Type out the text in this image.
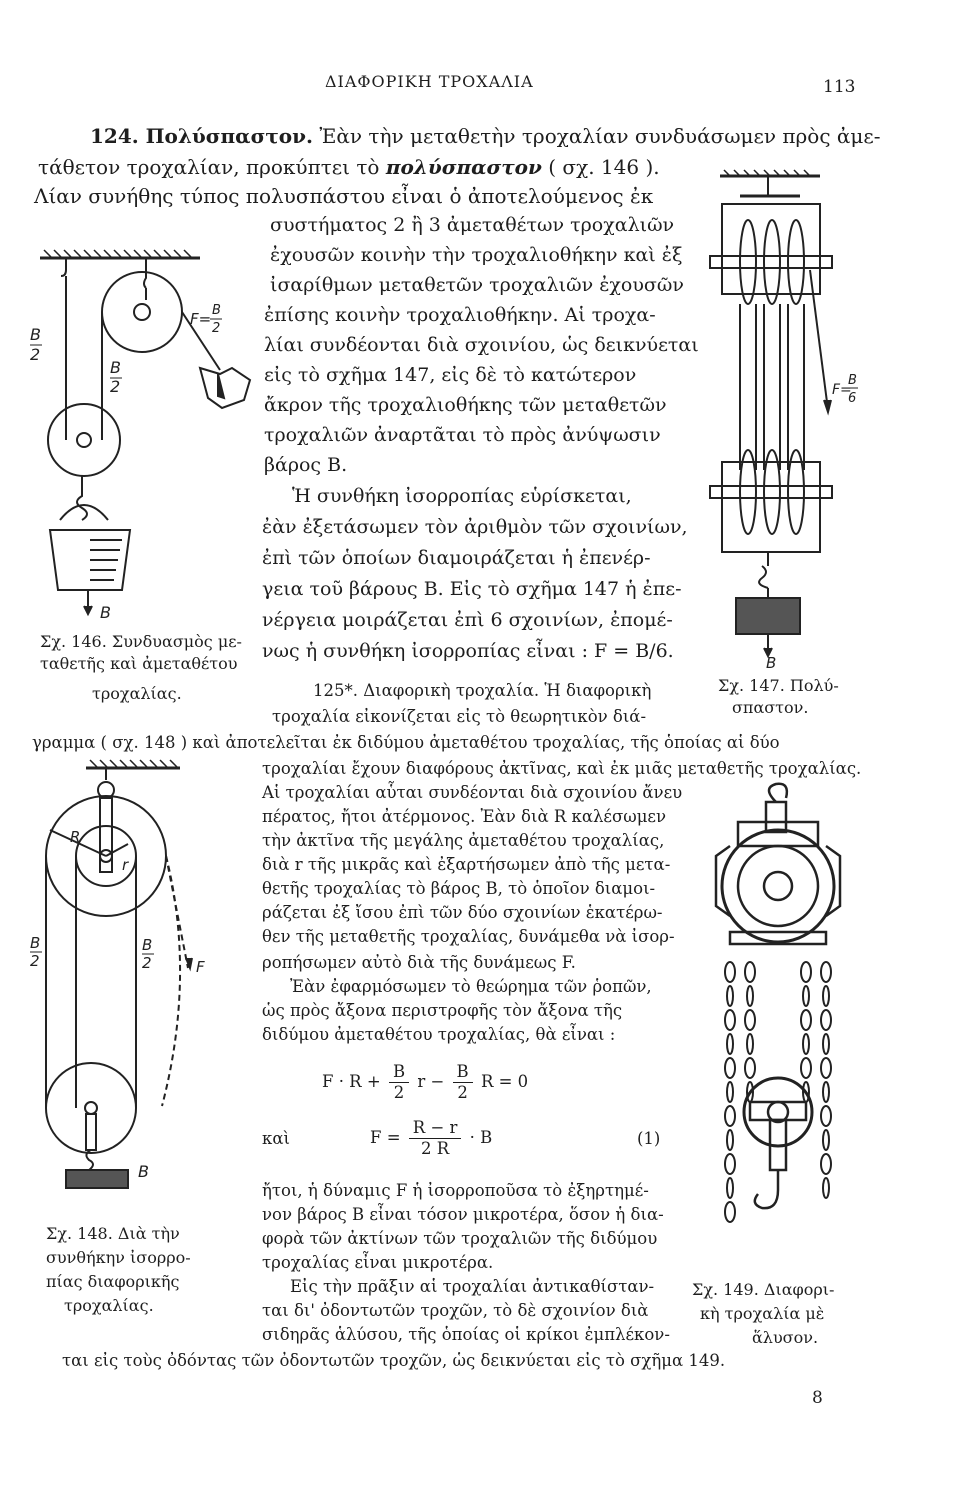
ΔΙΑΦΟΡΙΚΗ ΤΡΟΧΑΛΙΑ	113
124. Πολύσπαστον. Ἐὰν τὴν μεταθετὴν τροχαλίαν συνδυάσωμεν πρὸς ἀμε-
τάθετον τροχαλίαν, προκύπτει τὸ πολύσπαστον ( σχ. 146 ).
Λίαν συνήθης τύπος πολυσπάστου εἶναι ὁ ἀποτελούμενος ἐκ
συστήματος 2 ἢ 3 ἀμεταθέτων τροχαλιῶν
ἐχουσῶν κοινὴν τὴν τροχαλιοθήκην καὶ ἐξ
ἰσαρίθμων μεταθετῶν τροχαλιῶν ἐχουσῶν
ἐπίσης κοινὴν τροχαλιοθήκην. Αἱ τροχα-
λίαι συνδέονται διὰ σχοινίου, ὡς δεικνύεται
εἰς τὸ σχῆμα 147, εἰς δὲ τὸ κατώτερον
ἄκρον τῆς τροχαλιοθήκης τῶν μεταθετῶν
τροχαλιῶν ἀναρτᾶται τὸ πρὸς ἀνύψωσιν
βάρος Β.
Ἡ συνθήκη ἰσορροπίας εὑρίσκεται,
ἐὰν ἐξετάσωμεν τὸν ἀριθμὸν τῶν σχοινίων,
ἐπὶ τῶν ὁποίων διαμοιράζεται ἡ ἐπενέρ-
γεια τοῦ βάρους Β. Εἰς τὸ σχῆμα 147 ἡ ἐπε-
νέργεια μοιράζεται ἐπὶ 6 σχοινίων, ἐπομέ-
νως ἡ συνθήκη ἰσορροπίας εἶναι : F = B/6.
B
2
B
2
F= B
2
B
Σχ. 146. Συνδυασμὸς με-
ταθετῆς καὶ ἀμεταθέτου
τροχαλίας.
F=
B
6
B
Σχ. 147. Πολύ-
σπαστον.
125*. Διαφορικὴ τροχαλία. Ἡ διαφορικὴ
τροχαλία εἰκονίζεται εἰς τὸ θεωρητικὸν διά-
γραμμα ( σχ. 148 ) καὶ ἀποτελεῖται ἐκ διδύμου ἀμεταθέτου τροχαλίας, τῆς ὁποίας αἱ δύο
τροχαλίαι ἔχουν διαφόρους ἀκτῖνας, καὶ ἐκ μιᾶς μεταθετῆς τροχαλίας.
Αἱ τροχαλίαι αὗται συνδέονται διὰ σχοινίου ἄνευ
πέρατος, ἤτοι ἀτέρμονος. Ἐὰν διὰ R καλέσωμεν
τὴν ἀκτῖνα τῆς μεγάλης ἀμεταθέτου τροχαλίας,
διὰ r τῆς μικρᾶς καὶ ἐξαρτήσωμεν ἀπὸ τῆς μετα-
θετῆς τροχαλίας τὸ βάρος Β, τὸ ὁποῖον διαμοι-
ράζεται ἐξ ἴσου ἐπὶ τῶν δύο σχοινίων ἑκατέρω-
θεν τῆς μεταθετῆς τροχαλίας, δυνάμεθα νὰ ἰσορ-
ροπήσωμεν αὐτὸ διὰ τῆς δυνάμεως F.
Ἐὰν ἐφαρμόσωμεν τὸ θεώρημα τῶν ῥοπῶν,
ὡς πρὸς ἄξονα περιστροφῆς τὸν ἄξονα τῆς
διδύμου ἀμεταθέτου τροχαλίας, θὰ εἶναι :
$F \cdot R + \frac{B}{2}$ $r - \frac{B}{2}$ R = 0
καὶ	$F = \frac{R - r}{2 R} \cdot B$	(1)
ἤτοι, ἡ δύναμις F ἡ ἰσορροποῦσα τὸ ἐξηρτημέ-
νον βάρος Β εἶναι τόσον μικροτέρα, ὅσον ἡ δια-
φορὰ τῶν ἀκτίνων τῶν τροχαλιῶν τῆς διδύμου
τροχαλίας εἶναι μικροτέρα.
Εἰς τὴν πρᾶξιν αἱ τροχαλίαι ἀντικαθίσταν-
ται δι' ὀδοντωτῶν τροχῶν, τὸ δὲ σχοινίον διὰ
σιδηρᾶς ἁλύσου, τῆς ὁποίας οἱ κρίκοι ἐμπλέκον-
ται εἰς τοὺς ὀδόντας τῶν ὀδοντωτῶν τροχῶν, ὡς δεικνύεται εἰς τὸ σχῆμα 149.
R
r
B
2
B
2	F
B
Σχ. 148. Διὰ τὴν
συνθήκην ἰσορρο-
πίας διαφορικῆς
τροχαλίας.
Σχ. 149. Διαφορι-
κὴ τροχαλία μὲ
ἅλυσον.
8
